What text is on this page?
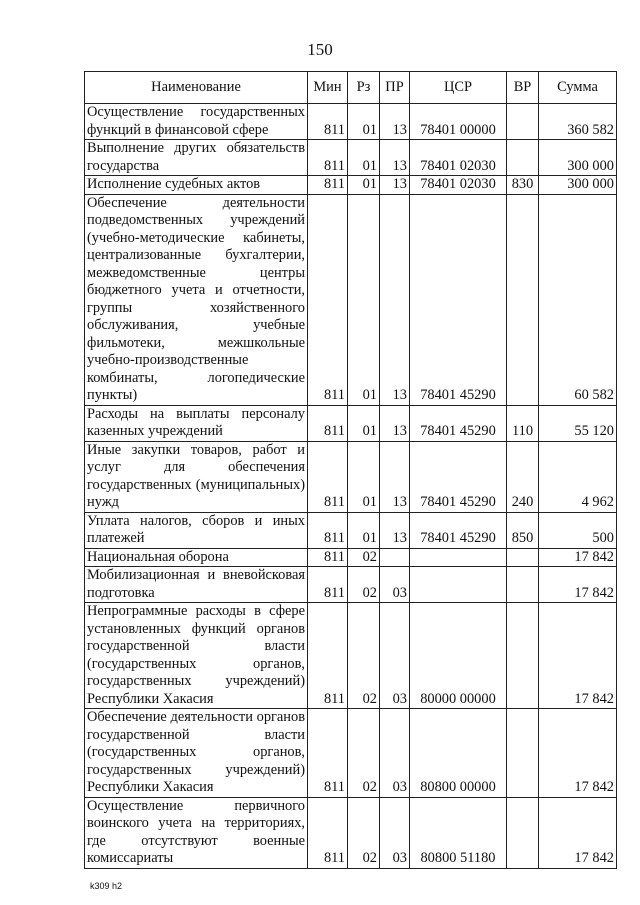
150
Наименование	Мин	Рз	ПР	ЦСР	ВР	Сумма
Осуществление государственных функций в финансовой сфере	811	01	13	78401 00000		360 582
Выполнение других обязательств государства	811	01	13	78401 02030		300 000
Исполнение судебных актов	811	01	13	78401 02030	830	300 000
Обеспечение деятельности подведомственных учреждений (учебно-методические кабинеты, централизованные бухгалтерии, межведомственные центры бюджетного учета и отчетности, группы хозяйственного обслуживания, учебные фильмотеки, межшкольные учебно-производственные комбинаты, логопедические пункты)	811	01	13	78401 45290		60 582
Расходы на выплаты персоналу казенных учреждений	811	01	13	78401 45290	110	55 120
Иные закупки товаров, работ и услуг для обеспечения государственных (муниципальных) нужд	811	01	13	78401 45290	240	4 962
Уплата налогов, сборов и иных платежей	811	01	13	78401 45290	850	500
Национальная оборона	811	02				17 842
Мобилизационная и вневойсковая подготовка	811	02	03			17 842
Непрограммные расходы в сфере установленных функций органов государственной власти (государственных органов, государственных учреждений) Республики Хакасия	811	02	03	80000 00000		17 842
Обеспечение деятельности органов государственной власти (государственных органов, государственных учреждений) Республики Хакасия	811	02	03	80800 00000		17 842
Осуществление первичного воинского учета на территориях, где отсутствуют военные комиссариаты	811	02	03	80800 51180		17 842
k309 h2
